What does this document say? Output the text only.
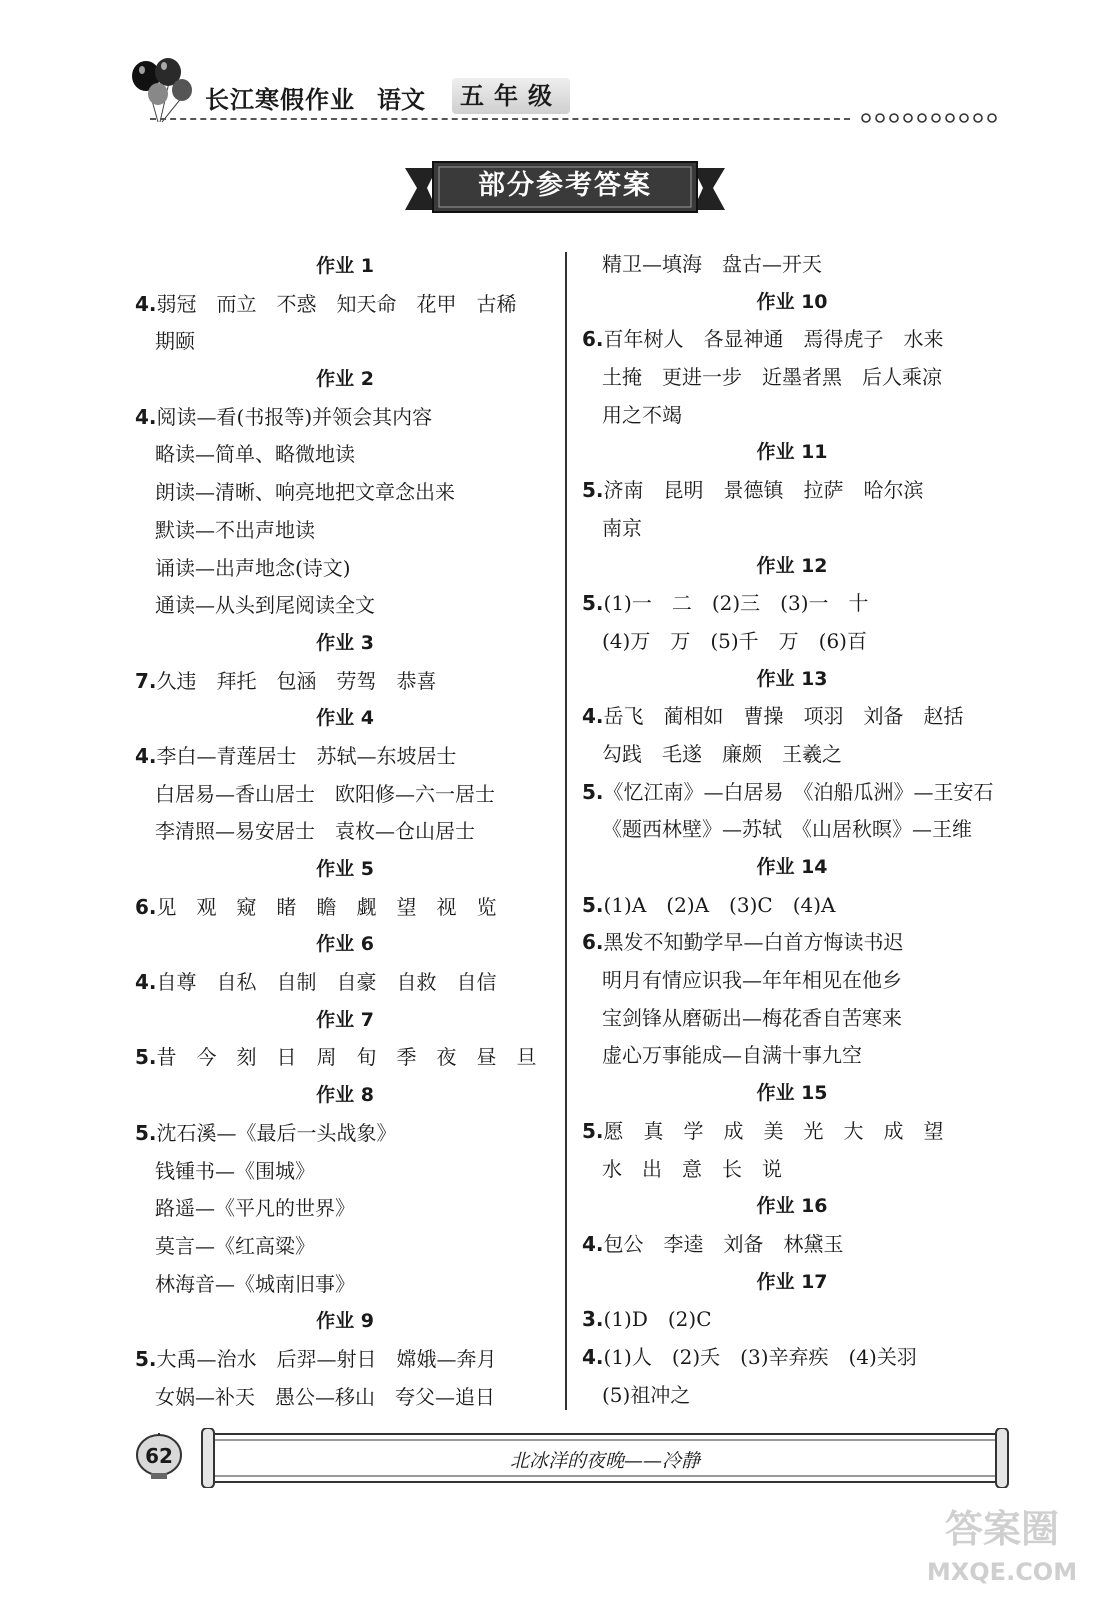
长江寒假作业 语文	五年级
部分参考答案
作业 1
4.弱冠　而立　不惑　知天命　花甲　古稀
期颐
作业 2
4.阅读—看(书报等)并领会其内容
略读—简单、略微地读
朗读—清晰、响亮地把文章念出来
默读—不出声地读
诵读—出声地念(诗文)
通读—从头到尾阅读全文
作业 3
7.久违　拜托　包涵　劳驾　恭喜
作业 4
4.李白—青莲居士　苏轼—东坡居士
白居易—香山居士　欧阳修—六一居士
李清照—易安居士　袁枚—仓山居士
作业 5
6.见　观　窥　睹　瞻　觑　望　视　览
作业 6
4.自尊　自私　自制　自豪　自救　自信
作业 7
5.昔　今　刻　日　周　旬　季　夜　昼　旦
作业 8
5.沈石溪—《最后一头战象》
钱锺书—《围城》
路遥—《平凡的世界》
莫言—《红高粱》
林海音—《城南旧事》
作业 9
5.大禹—治水　后羿—射日　嫦娥—奔月
女娲—补天　愚公—移山　夸父—追日
精卫—填海　盘古—开天
作业 10
6.百年树人　各显神通　焉得虎子　水来
土掩　更进一步　近墨者黑　后人乘凉
用之不竭
作业 11
5.济南　昆明　景德镇　拉萨　哈尔滨
南京
作业 12
5.(1)一　二　(2)三　(3)一　十
(4)万　万　(5)千　万　(6)百
作业 13
4.岳飞　蔺相如　曹操　项羽　刘备　赵括
勾践　毛遂　廉颇　王羲之
5.《忆江南》—白居易　《泊船瓜洲》—王安石
《题西林壁》—苏轼　《山居秋暝》—王维
作业 14
5.(1)A　(2)A　(3)C　(4)A
6.黑发不知勤学早—白首方悔读书迟
明月有情应识我—年年相见在他乡
宝剑锋从磨砺出—梅花香自苦寒来
虚心万事能成—自满十事九空
作业 15
5.愿　真　学　成　美　光　大　成　望
水　出　意　长　说
作业 16
4.包公　李逵　刘备　林黛玉
作业 17
3.(1)D　(2)C
4.(1)人　(2)夭　(3)辛弃疾　(4)关羽
(5)祖冲之
62	北冰洋的夜晚——冷静
答案圈
MXQE.COM
